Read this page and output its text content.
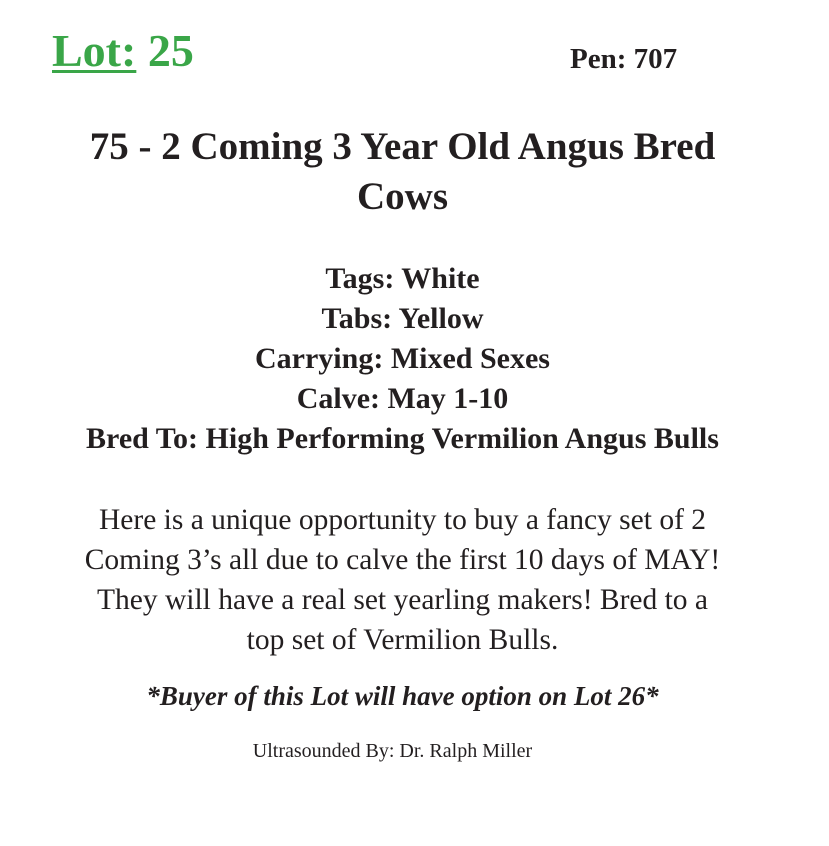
Lot: 25	Pen: 707
75 - 2 Coming 3 Year Old Angus Bred
Cows
Tags: White
Tabs: Yellow
Carrying: Mixed Sexes
Calve: May 1-10
Bred To: High Performing Vermilion Angus Bulls
Here is a unique opportunity to buy a fancy set of 2
Coming 3’s all due to calve the first 10 days of MAY!
They will have a real set yearling makers! Bred to a
top set of Vermilion Bulls.
*Buyer of this Lot will have option on Lot 26*
Ultrasounded By: Dr. Ralph Miller
